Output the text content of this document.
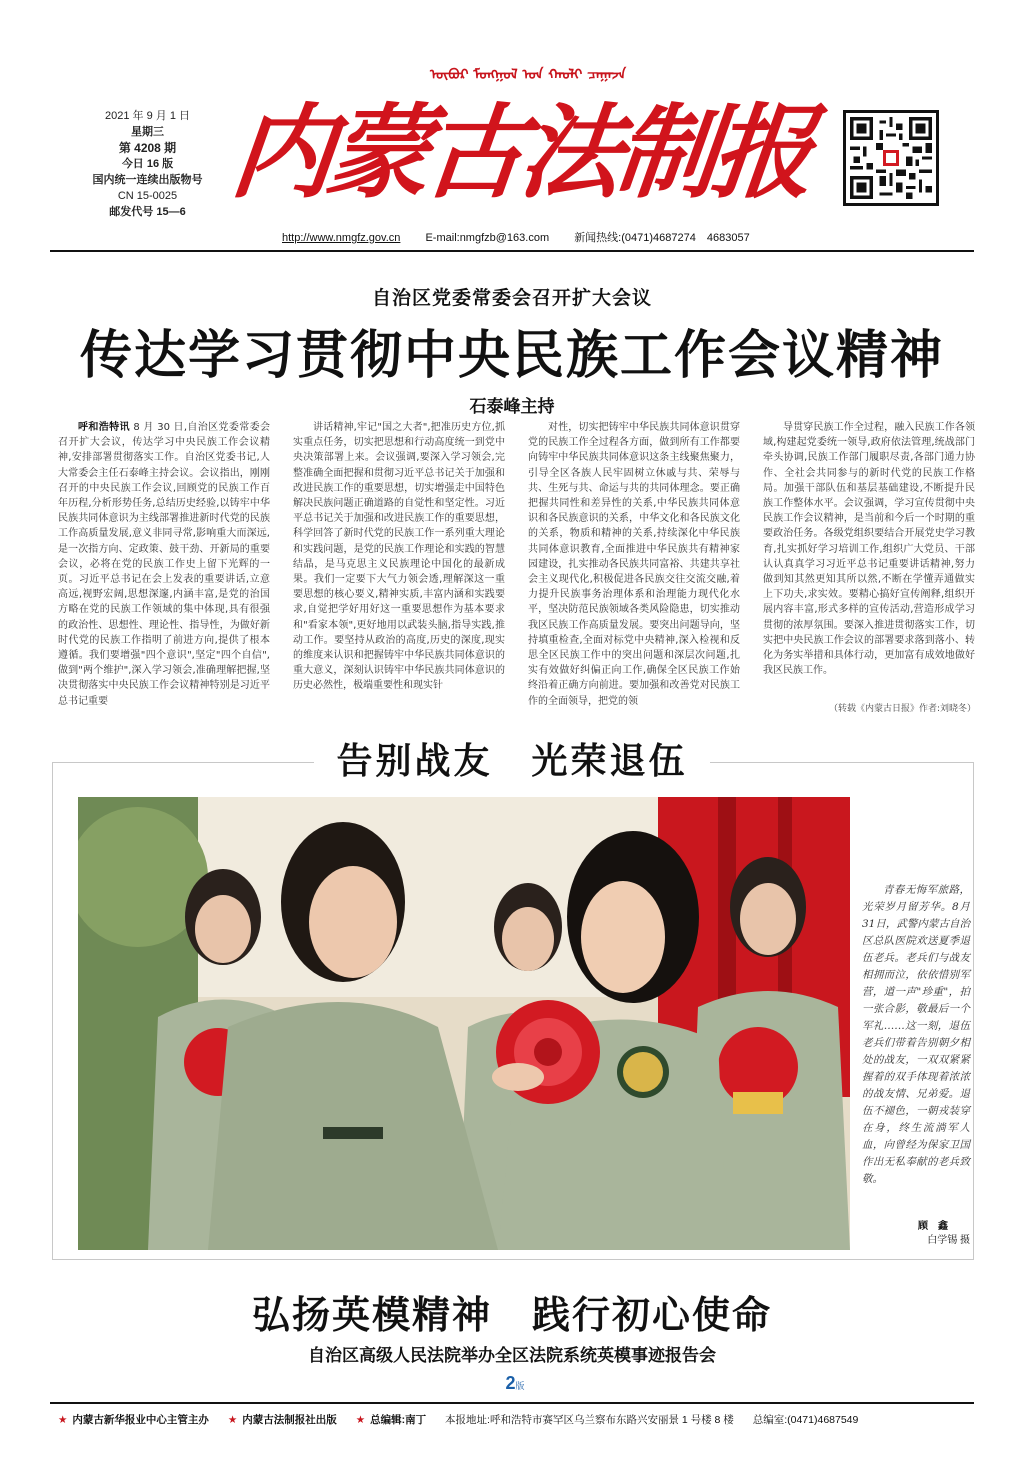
ᠦᠪᠦᠷ ᠮᠣᠩᠭᠣᠯ ᠤᠨ ᠬᠠᠤᠯᠢ ᠴᠠᠭᠠᠵᠠ
2021 年 9 月 1 日
星期三
第 4208 期
今日 16 版
国内统一连续出版物号
CN 15-0025
邮发代号 15—6 内蒙古法制报
http://www.nmgfz.gov.cn E-mail:nmgfzb@163.com 新闻热线:(0471)4687274　4683057
自治区党委常委会召开扩大会议
传达学习贯彻中央民族工作会议精神
石泰峰主持

呼和浩特讯 8 月 30 日,自治区党委常委会召开扩大会议，传达学习中央民族工作会议精神,安排部署贯彻落实工作。自治区党委书记,人大常委会主任石泰峰主持会议。会议指出，刚刚召开的中央民族工作会议,回顾党的民族工作百年历程,分析形势任务,总结历史经验,以铸牢中华民族共同体意识为主线部署推进新时代党的民族工作高质量发展,意义非同寻常,影响重大而深远,是一次指方向、定政策、鼓干劲、开新局的重要会议，必将在党的民族工作史上留下光辉的一页。习近平总书记在会上发表的重要讲话,立意高远,视野宏阔,思想深邃,内涵丰富,是党的治国方略在党的民族工作领域的集中体现,具有很强的政治性、思想性、理论性、指导性，为做好新时代党的民族工作指明了前进方向,提供了根本遵循。我们要增强"四个意识",坚定"四个自信",做到"两个维护",深入学习领会,准确理解把握,坚决贯彻落实中央民族工作会议精神特别是习近平总书记重要

讲话精神,牢记"国之大者",把准历史方位,抓实重点任务，切实把思想和行动高度统一到党中央决策部署上来。会议强调,要深入学习领会,完整准确全面把握和贯彻习近平总书记关于加强和改进民族工作的重要思想，切实增强走中国特色解决民族问题正确道路的自觉性和坚定性。习近平总书记关于加强和改进民族工作的重要思想，科学回答了新时代党的民族工作一系列重大理论和实践问题，是党的民族工作理论和实践的智慧结晶，是马克思主义民族理论中国化的最新成果。我们一定要下大气力领会透,理解深这一重要思想的核心要义,精神实质,丰富内涵和实践要求,自觉把学好用好这一重要思想作为基本要求和"看家本领",更好地用以武装头脑,指导实践,推动工作。要坚持从政治的高度,历史的深度,现实的维度来认识和把握铸牢中华民族共同体意识的重大意义，深刻认识铸牢中华民族共同体意识的历史必然性，极端重要性和现实针

对性，切实把铸牢中华民族共同体意识贯穿党的民族工作全过程各方面，做到所有工作都要向铸牢中华民族共同体意识这条主线聚焦聚力，引导全区各族人民牢固树立休戚与共、荣辱与共、生死与共、命运与共的共同体理念。要正确把握共同性和差异性的关系,中华民族共同体意识和各民族意识的关系，中华文化和各民族文化的关系，物质和精神的关系,持续深化中华民族共同体意识教育,全面推进中华民族共有精神家园建设，扎实推动各民族共同富裕、共建共享社会主义现代化,积极促进各民族交往交流交融,着力提升民族事务治理体系和治理能力现代化水平，坚决防范民族领域各类风险隐患，切实推动我区民族工作高质量发展。要突出问题导向，坚持填重检查,全面对标党中央精神,深入检视和反思全区民族工作中的突出问题和深层次问题,扎实有效做好纠偏正向工作,确保全区民族工作始终沿着正确方向前进。要加强和改善党对民族工作的全面领导，把党的领

导贯穿民族工作全过程，融入民族工作各领域,构建起党委统一领导,政府依法管理,统战部门牵头协调,民族工作部门履职尽责,各部门通力协作、全社会共同参与的新时代党的民族工作格局。加强干部队伍和基层基础建设,不断提升民族工作整体水平。会议强调，学习宣传贯彻中央民族工作会议精神，是当前和今后一个时期的重要政治任务。各级党组织要结合开展党史学习教育,扎实抓好学习培训工作,组织广大党员、干部认认真真学习习近平总书记重要讲话精神,努力做到知其然更知其所以然,不断在学懂弄通做实上下功夫,求实效。要精心搞好宣传阐释,组织开展内容丰富,形式多样的宣传活动,营造形成学习贯彻的浓厚氛围。要深入推进贯彻落实工作，切实把中央民族工作会议的部署要求落到落小、转化为务实举措和具体行动，更加富有成效地做好我区民族工作。

（转载《内蒙古日报》作者:刘晓冬）
告别战友　光荣退伍

青春无悔军旅路，光荣岁月留芳华。8月31日，武警内蒙古自治区总队医院欢送夏季退伍老兵。老兵们与战友相拥而泣，依依惜别军营，道一声"珍重"，拍一张合影，敬最后一个军礼……这一刻，退伍老兵们带着告别朝夕相处的战友，一双双紧紧握着的双手体现着浓浓的战友情、兄弟爱。退伍不褪色，一朝戎装穿在身，终生流淌军人血，向曾经为保家卫国作出无私奉献的老兵致敬。

顾　鑫
白学锡 摄
弘扬英模精神　践行初心使命
自治区高级人民法院举办全区法院系统英模事迹报告会
2版
★ 内蒙古新华报业中心主管主办 ★ 内蒙古法制报社出版 ★ 总编辑:南丁 本报地址:呼和浩特市赛罕区乌兰察布东路兴安丽景 1 号楼 8 楼 总编室:(0471)4687549
